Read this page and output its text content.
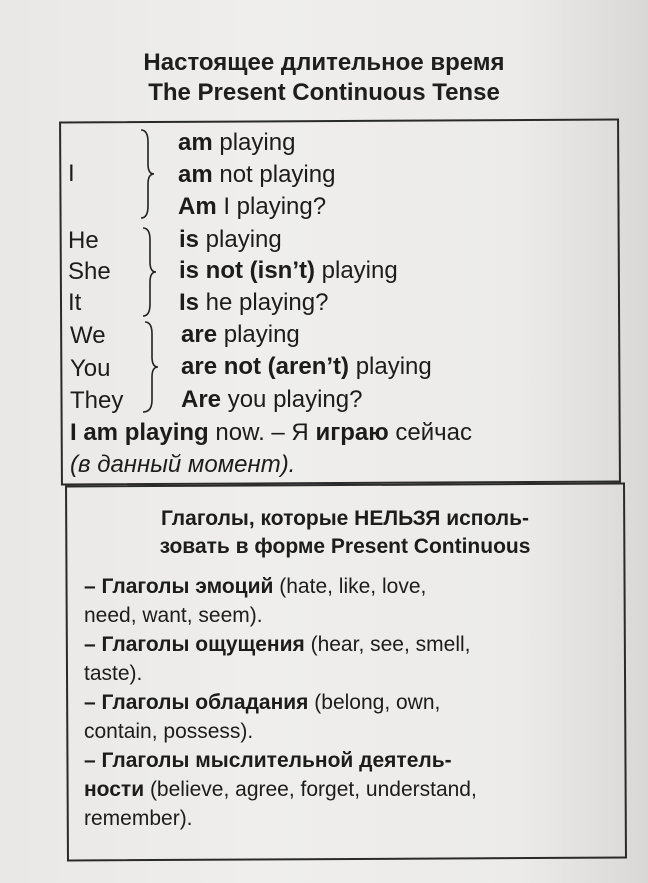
Настоящее длительное время
The Present Continuous Tense
I
am playing
am not playing
Am I playing?
He
She
It
is playing
is not (isn’t) playing
Is he playing?
We
You
They
are playing
are not (aren’t) playing
Are you playing?
I am playing now. – Я играю сейчас
(в данный момент).
Глаголы, которые НЕЛЬЗЯ исполь-
зовать в форме Present Continuous
– Глаголы эмоций (hate, like, love,
need, want, seem).
– Глаголы ощущения (hear, see, smell,
taste).
– Глаголы обладания (belong, own,
contain, possess).
– Глаголы мыслительной деятель-
ности (believe, agree, forget, understand,
remember).
